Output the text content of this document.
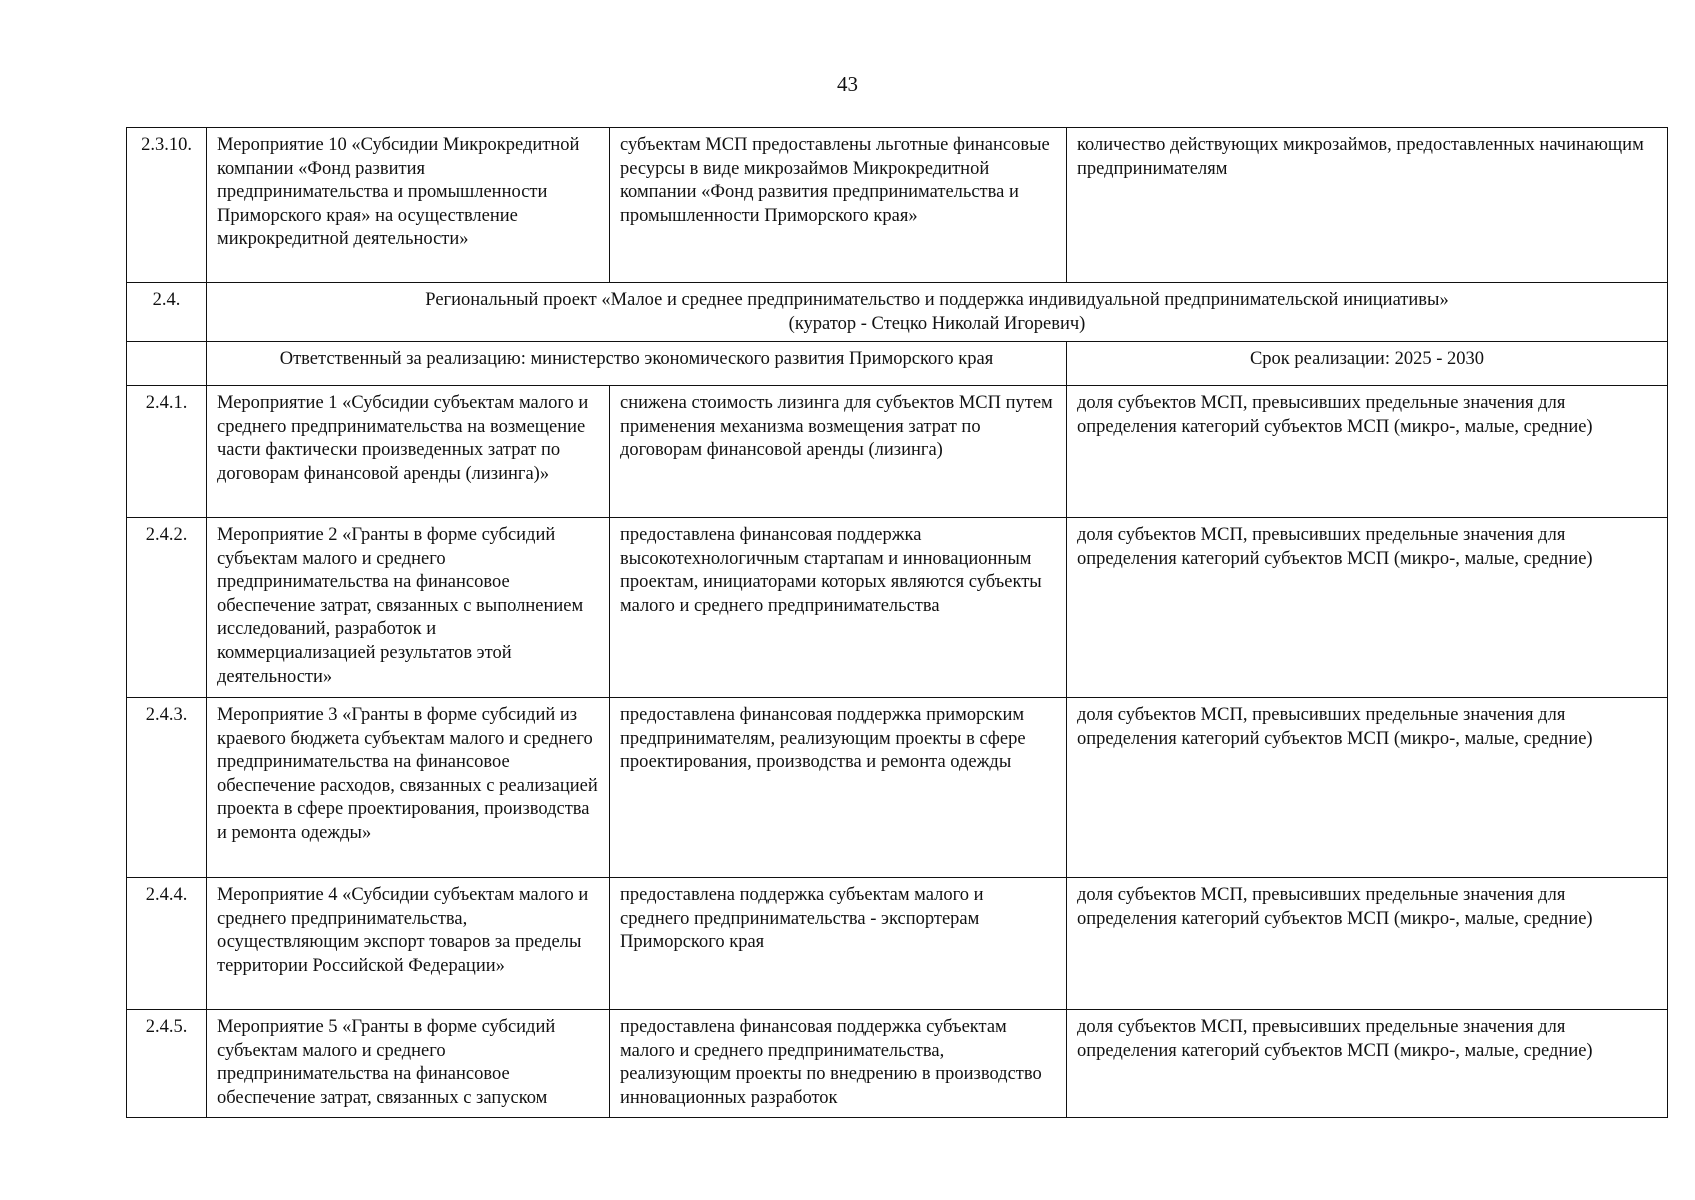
43
2.3.10.	Мероприятие 10 «Субсидии Микрокредитной компании «Фонд развития предпринимательства и промышленности Приморского края» на осуществление микрокредитной деятельности»	субъектам МСП предоставлены льготные финансовые ресурсы в виде микрозаймов Микрокредитной компании «Фонд развития предпринимательства и промышленности Приморского края»	количество действующих микрозаймов, предоставленных начинающим предпринимателям
2.4.	Региональный проект «Малое и среднее предпринимательство и поддержка индивидуальной предпринимательской инициативы»
(куратор - Стецко Николай Игоревич)		

	Ответственный за реализацию: министерство экономического развития Приморского края		Срок реализации: 2025 - 2030
2.4.1.	Мероприятие 1 «Субсидии субъектам малого и среднего предпринимательства на возмещение части фактически произведенных затрат по договорам финансовой аренды (лизинга)»	снижена стоимость лизинга для субъектов МСП путем применения механизма возмещения затрат по договорам финансовой аренды (лизинга)	доля субъектов МСП, превысивших предельные значения для определения категорий субъектов МСП (микро-, малые, средние)
2.4.2.	Мероприятие 2 «Гранты в форме субсидий субъектам малого и среднего предпринимательства на финансовое обеспечение затрат, связанных с выполнением исследований, разработок и коммерциализацией результатов этой деятельности»	предоставлена финансовая поддержка высокотехнологичным стартапам и инновационным проектам, инициаторами которых являются субъекты малого и среднего предпринимательства	доля субъектов МСП, превысивших предельные значения для определения категорий субъектов МСП (микро-, малые, средние)
2.4.3.	Мероприятие 3 «Гранты в форме субсидий из краевого бюджета субъектам малого и среднего предпринимательства на финансовое обеспечение расходов, связанных с реализацией проекта в сфере проектирования, производства и ремонта одежды»	предоставлена финансовая поддержка приморским предпринимателям, реализующим проекты в сфере проектирования, производства и ремонта одежды	доля субъектов МСП, превысивших предельные значения для определения категорий субъектов МСП (микро-, малые, средние)
2.4.4.	Мероприятие 4 «Субсидии субъектам малого и среднего предпринимательства, осуществляющим экспорт товаров за пределы территории Российской Федерации»	предоставлена поддержка субъектам малого и среднего предпринимательства - экспортерам Приморского края	доля субъектов МСП, превысивших предельные значения для определения категорий субъектов МСП (микро-, малые, средние)
2.4.5.	Мероприятие 5 «Гранты в форме субсидий субъектам малого и среднего предпринимательства на финансовое обеспечение затрат, связанных с запуском	предоставлена финансовая поддержка субъектам малого и среднего предпринимательства, реализующим проекты по внедрению в производство инновационных разработок	доля субъектов МСП, превысивших предельные значения для определения категорий субъектов МСП (микро-, малые, средние)
